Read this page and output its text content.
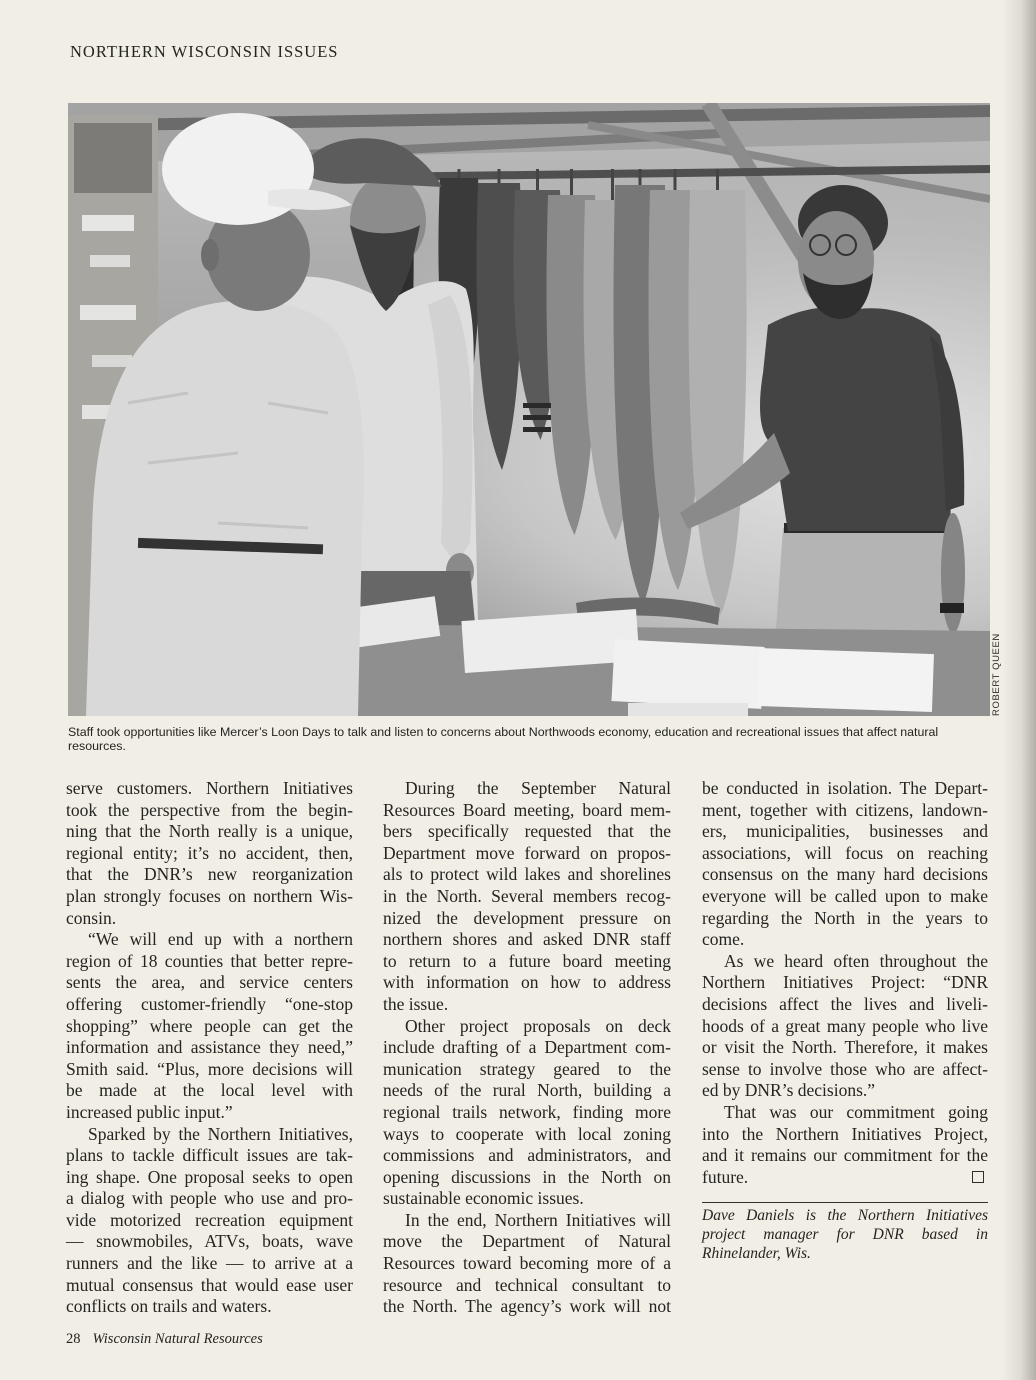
NORTHERN WISCONSIN ISSUES
ROBERT QUEEN
Staff took opportunities like Mercer’s Loon Days to talk and listen to concerns about Northwoods economy, education and recreational issues that affect natural
resources.
serve customers. Northern Initiatives
took the perspective from the begin-
ning that the North really is a unique,
regional entity; it’s no accident, then,
that the DNR’s new reorganization
plan strongly focuses on northern Wis-
consin.
“We will end up with a northern
region of 18 counties that better repre-
sents the area, and service centers
offering customer-friendly “one-stop
shopping” where people can get the
information and assistance they need,”
Smith said. “Plus, more decisions will
be made at the local level with
increased public input.”
Sparked by the Northern Initiatives,
plans to tackle difficult issues are tak-
ing shape. One proposal seeks to open
a dialog with people who use and pro-
vide motorized recreation equipment
— snowmobiles, ATVs, boats, wave
runners and the like — to arrive at a
mutual consensus that would ease user
conflicts on trails and waters.
During the September Natural
Resources Board meeting, board mem-
bers specifically requested that the
Department move forward on propos-
als to protect wild lakes and shorelines
in the North. Several members recog-
nized the development pressure on
northern shores and asked DNR staff
to return to a future board meeting
with information on how to address
the issue.
Other project proposals on deck
include drafting of a Department com-
munication strategy geared to the
needs of the rural North, building a
regional trails network, finding more
ways to cooperate with local zoning
commissions and administrators, and
opening discussions in the North on
sustainable economic issues.
In the end, Northern Initiatives will
move the Department of Natural
Resources toward becoming more of a
resource and technical consultant to
the North. The agency’s work will not
be conducted in isolation. The Depart-
ment, together with citizens, landown-
ers, municipalities, businesses and
associations, will focus on reaching
consensus on the many hard decisions
everyone will be called upon to make
regarding the North in the years to
come.
As we heard often throughout the
Northern Initiatives Project: “DNR
decisions affect the lives and liveli-
hoods of a great many people who live
or visit the North. Therefore, it makes
sense to involve those who are affect-
ed by DNR’s decisions.”
That was our commitment going
into the Northern Initiatives Project,
and it remains our commitment for the
future.
Dave Daniels is the Northern Initiatives
project manager for DNR based in
Rhinelander, Wis.
28 Wisconsin Natural Resources
